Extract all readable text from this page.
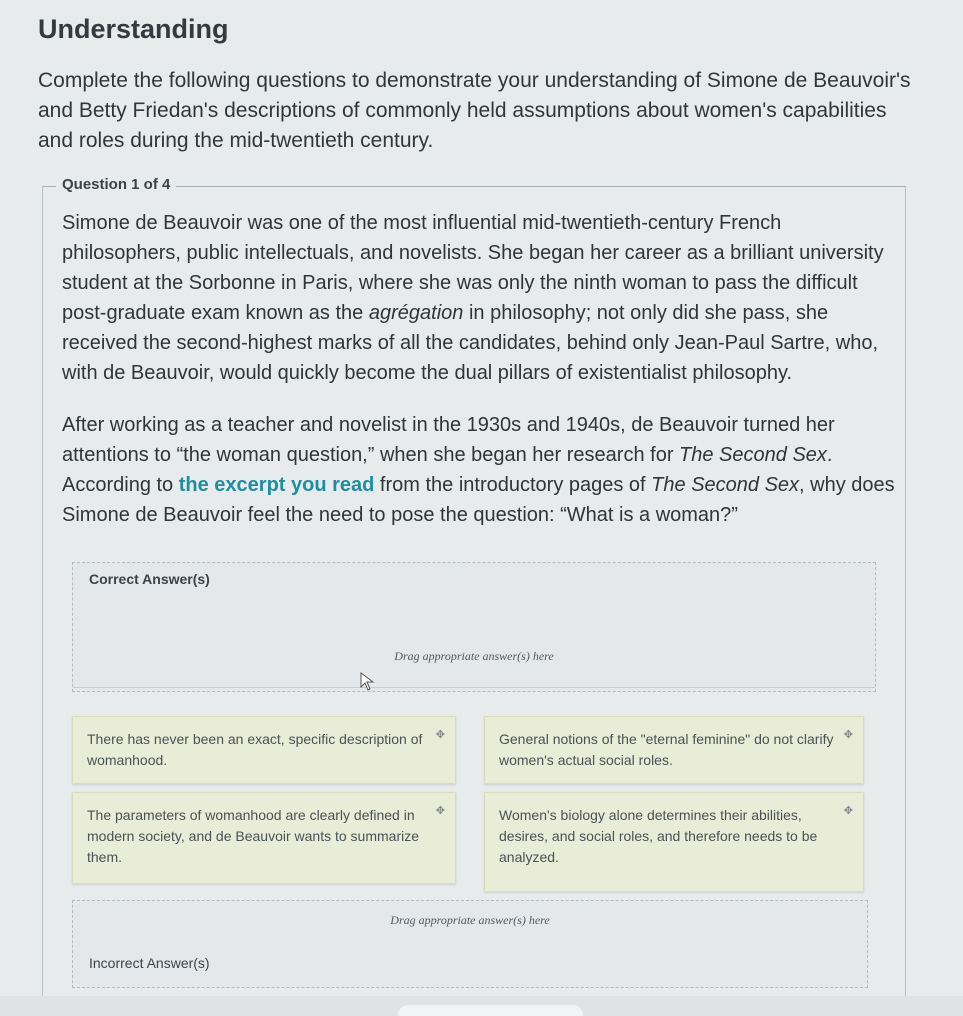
Understanding
Complete the following questions to demonstrate your understanding of Simone de Beauvoir's and Betty Friedan's descriptions of commonly held assumptions about women's capabilities and roles during the mid-twentieth century.
Question 1 of 4

Simone de Beauvoir was one of the most influential mid-twentieth-century French philosophers, public intellectuals, and novelists. She began her career as a brilliant university student at the Sorbonne in Paris, where she was only the ninth woman to pass the difficult post-graduate exam known as the agrégation in philosophy; not only did she pass, she received the second-highest marks of all the candidates, behind only Jean-Paul Sartre, who, with de Beauvoir, would quickly become the dual pillars of existentialist philosophy.

After working as a teacher and novelist in the 1930s and 1940s, de Beauvoir turned her attentions to “the woman question,” when she began her research for The Second Sex. According to the excerpt you read from the introductory pages of The Second Sex, why does Simone de Beauvoir feel the need to pose the question: “What is a woman?”

Correct Answer(s)
Drag appropriate answer(s) here
There has never been an exact, specific description of womanhood.
✥	General notions of the "eternal feminine" do not clarify women's actual social roles.
✥
The parameters of womanhood are clearly defined in modern society, and de Beauvoir wants to summarize them.
✥	Women's biology alone determines their abilities, desires, and social roles, and therefore needs to be analyzed.
✥
Drag appropriate answer(s) here
Incorrect Answer(s)
